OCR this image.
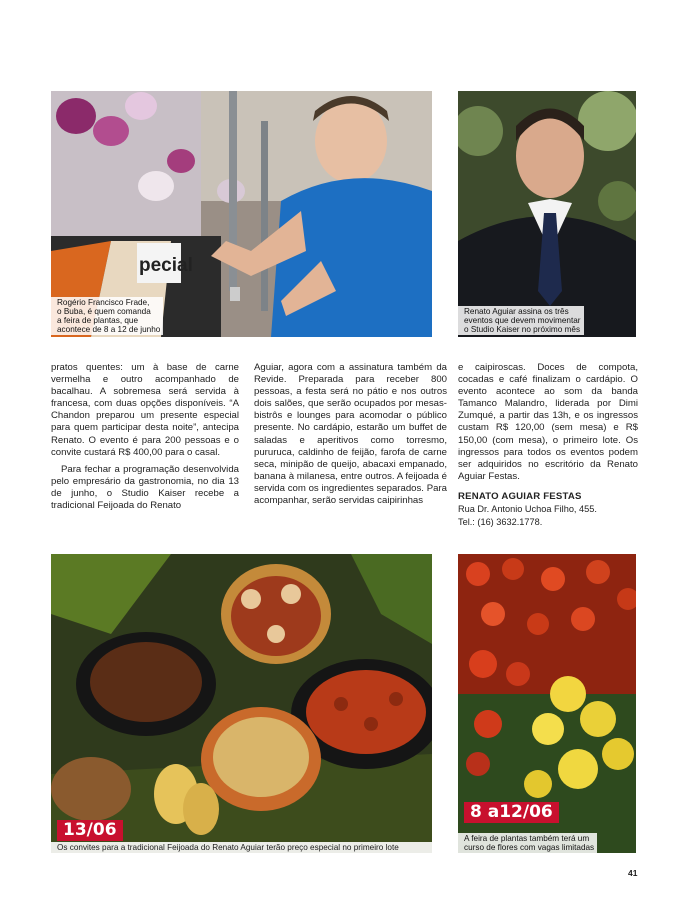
pecial
Rogério Francisco Frade,
o Buba, é quem comanda
a feira de plantas, que
acontece de 8 a 12 de junho
Renato Aguiar assina os três
eventos que devem movimentar
o Studio Kaiser no próximo mês

pratos quentes: um à base de carne vermelha e outro acompanhado de bacalhau. A sobremesa será servida à francesa, com duas opções disponíveis. “A Chandon preparou um presente especial para quem participar desta noite”, antecipa Renato. O evento é para 200 pessoas e o convite custará R$ 400,00 para o casal.

Para fechar a programação desenvolvida pelo empresário da gastronomia, no dia 13 de junho, o Studio Kaiser recebe a tradicional Feijoada do Renato

Aguiar, agora com a assinatura também da Revide. Preparada para receber 800 pessoas, a festa será no pátio e nos outros dois salões, que serão ocupados por mesas-bistrôs e lounges para acomodar o público presente. No cardápio, estarão um buffet de saladas e aperitivos como torresmo, pururuca, caldinho de feijão, farofa de carne seca, minipão de queijo, abacaxi empanado, banana à milanesa, entre outros. A feijoada é servida com os ingredientes separados. Para acompanhar, serão servidas caipirinhas

e caipiroscas. Doces de compota, cocadas e café finalizam o cardápio. O evento acontece ao som da banda Tamanco Malandro, liderada por Dimi Zumqué, a partir das 13h, e os ingressos custam R$ 120,00 (sem mesa) e R$ 150,00 (com mesa), o primeiro lote. Os ingressos para todos os eventos podem ser adquiridos no escritório da Renato Aguiar Festas.

RENATO AGUIAR FESTAS
Rua Dr. Antonio Uchoa Filho, 455.
Tel.: (16) 3632.1778.
13/06
Os convites para a tradicional Feijoada do Renato Aguiar terão preço especial no primeiro lote
8 a12/06
A feira de plantas também terá um
curso de flores com vagas limitadas
41
